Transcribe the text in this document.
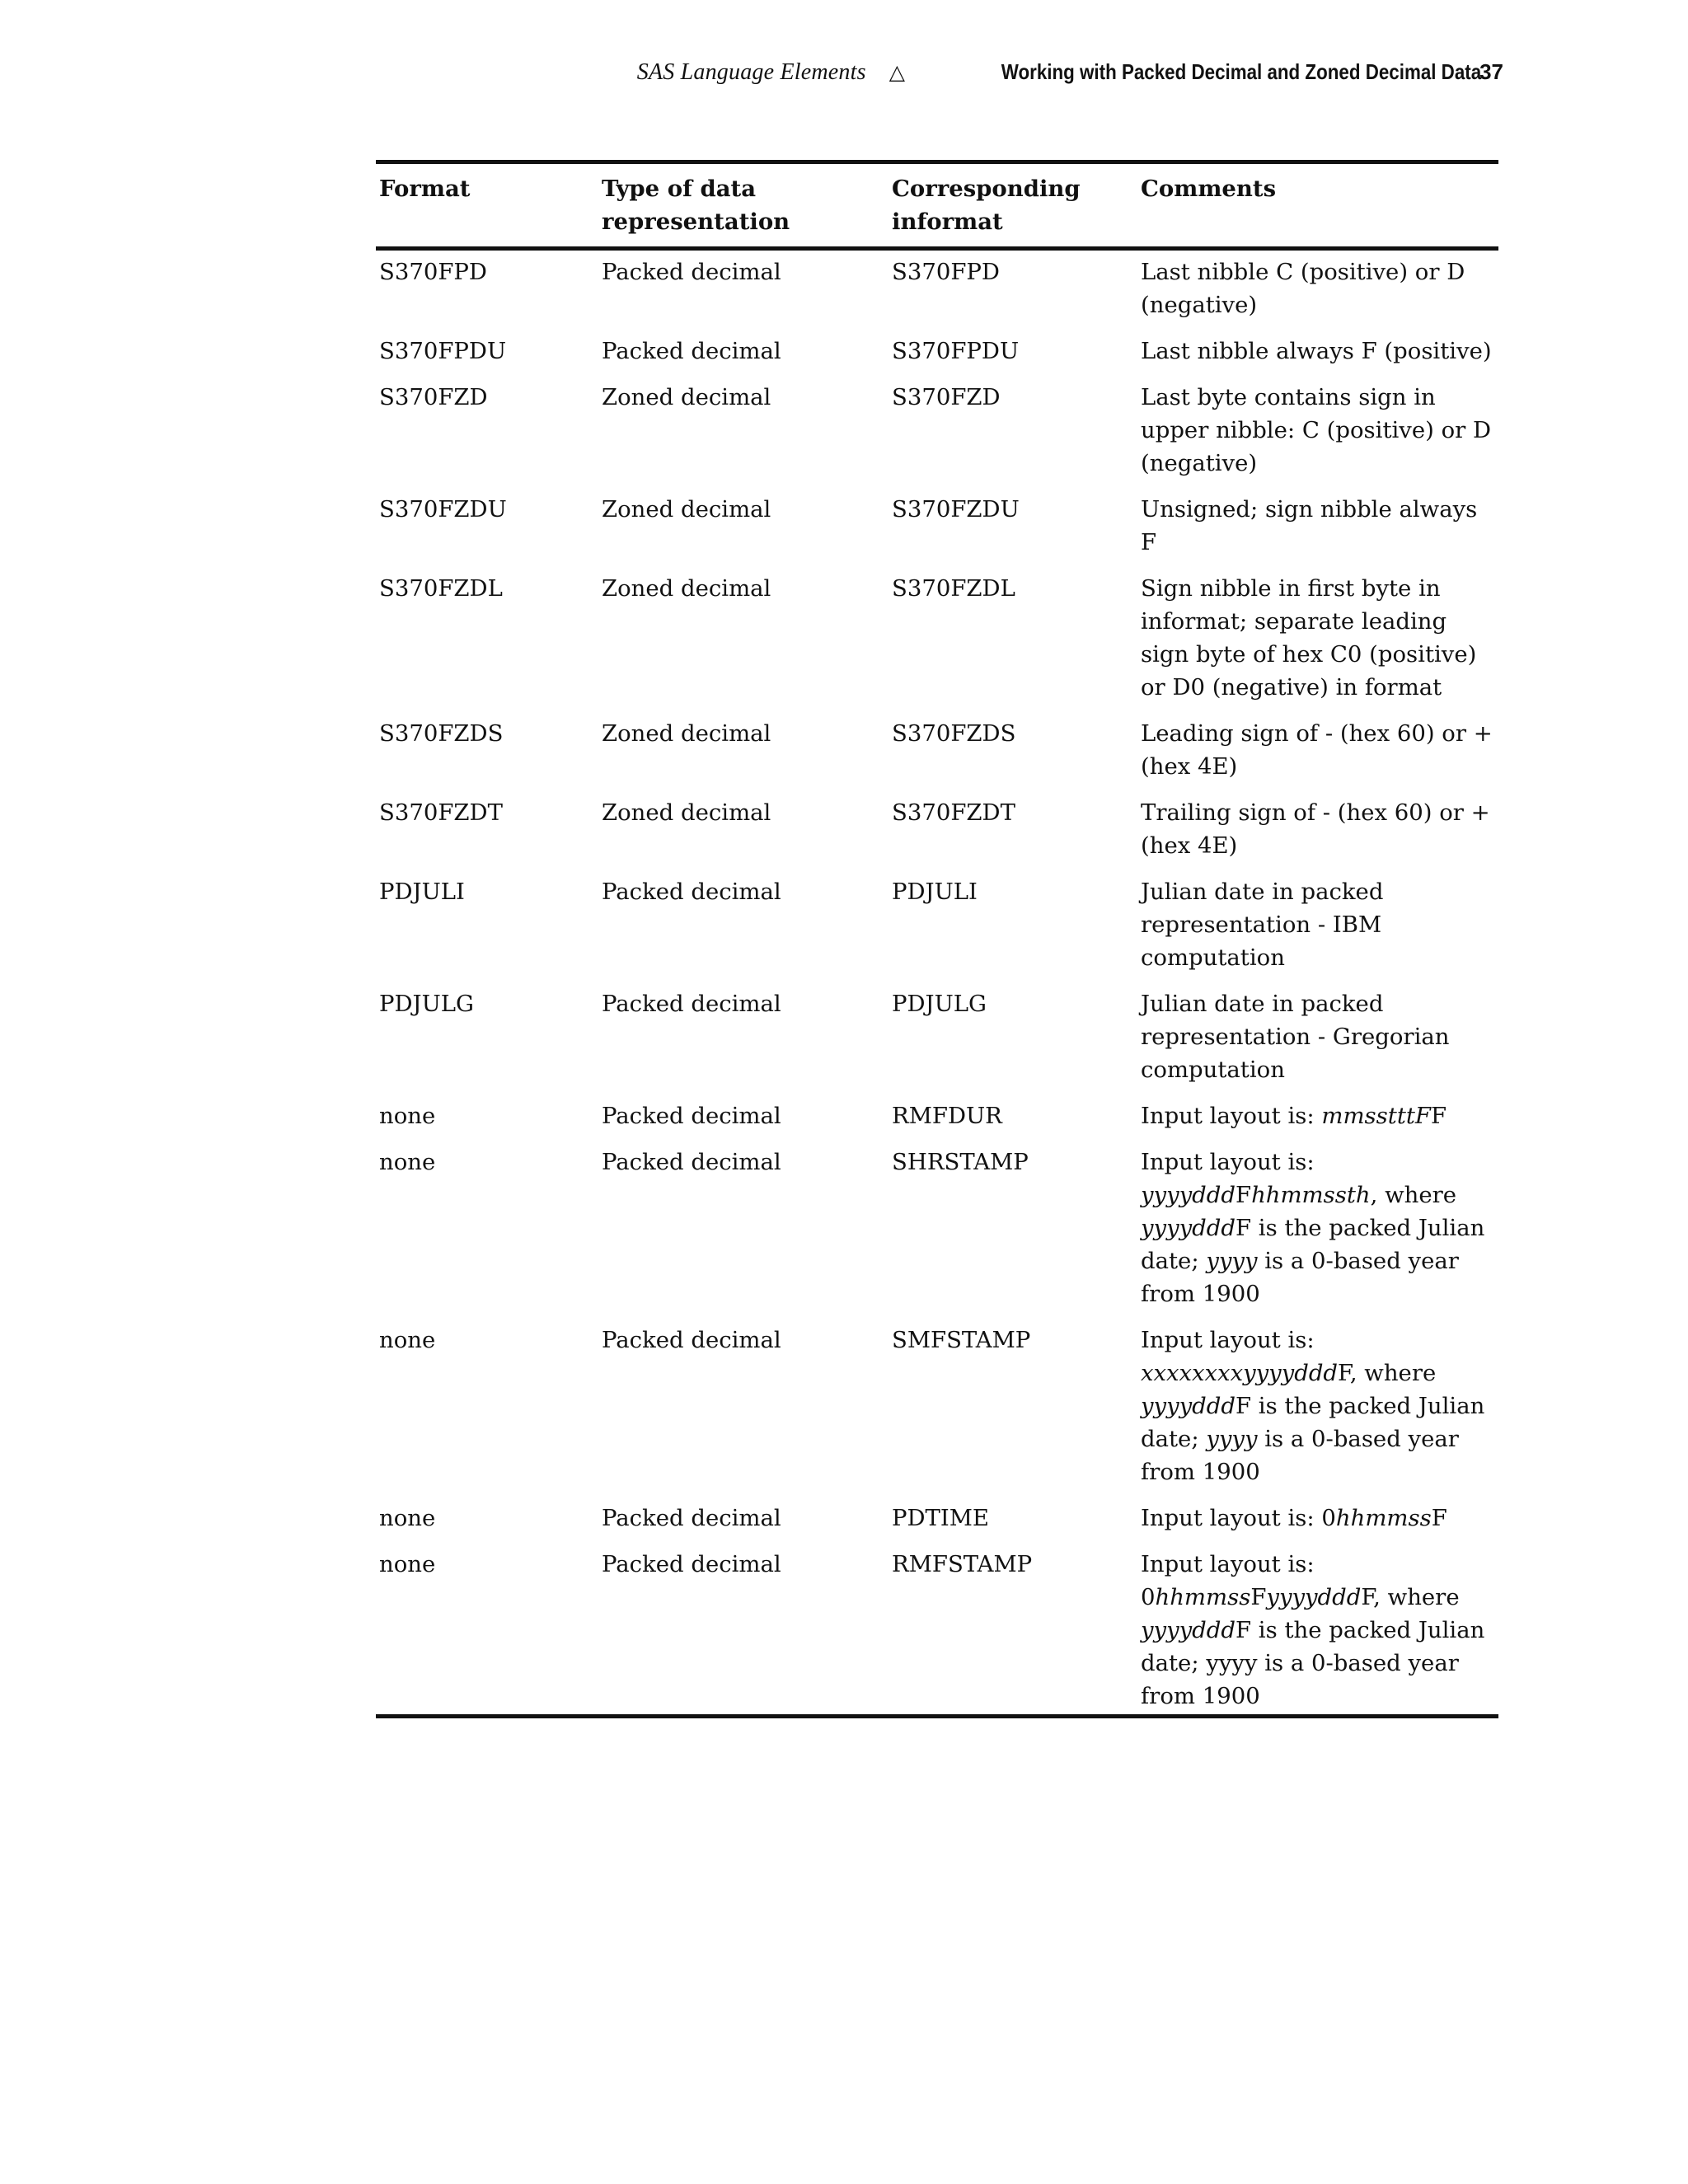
SAS Language Elements △	Working with Packed Decimal and Zoned Decimal Data
37
Format	Type of data representation	Corresponding informat	Comments
S370FPD	Packed decimal	S370FPD	Last nibble C (positive) or D (negative)
S370FPDU	Packed decimal	S370FPDU	Last nibble always F (positive)
S370FZD	Zoned decimal	S370FZD	Last byte contains sign in upper nibble: C (positive) or D (negative)
S370FZDU	Zoned decimal	S370FZDU	Unsigned; sign nibble always F
S370FZDL	Zoned decimal	S370FZDL	Sign nibble in first byte in informat; separate leading sign byte of hex C0 (positive) or D0 (negative) in format
S370FZDS	Zoned decimal	S370FZDS	Leading sign of - (hex 60) or + (hex 4E)
S370FZDT	Zoned decimal	S370FZDT	Trailing sign of - (hex 60) or + (hex 4E)
PDJULI	Packed decimal	PDJULI	Julian date in packed representation - IBM computation
PDJULG	Packed decimal	PDJULG	Julian date in packed representation - Gregorian computation
none	Packed decimal	RMFDUR	Input layout is: mmsstttFF
none	Packed decimal	SHRSTAMP	Input layout is: yyyydddFhhmmssth, where yyyydddF is the packed Julian date; yyyy is a 0-based year from 1900
none	Packed decimal	SMFSTAMP	Input layout is: xxxxxxxxyyyydddF, where yyyydddF is the packed Julian date; yyyy is a 0-based year from 1900
none	Packed decimal	PDTIME	Input layout is: 0hhmmssF
none	Packed decimal	RMFSTAMP	Input layout is: 0hhmmssFyyyydddF, where yyyydddF is the packed Julian date; yyyy is a 0-based year from 1900
